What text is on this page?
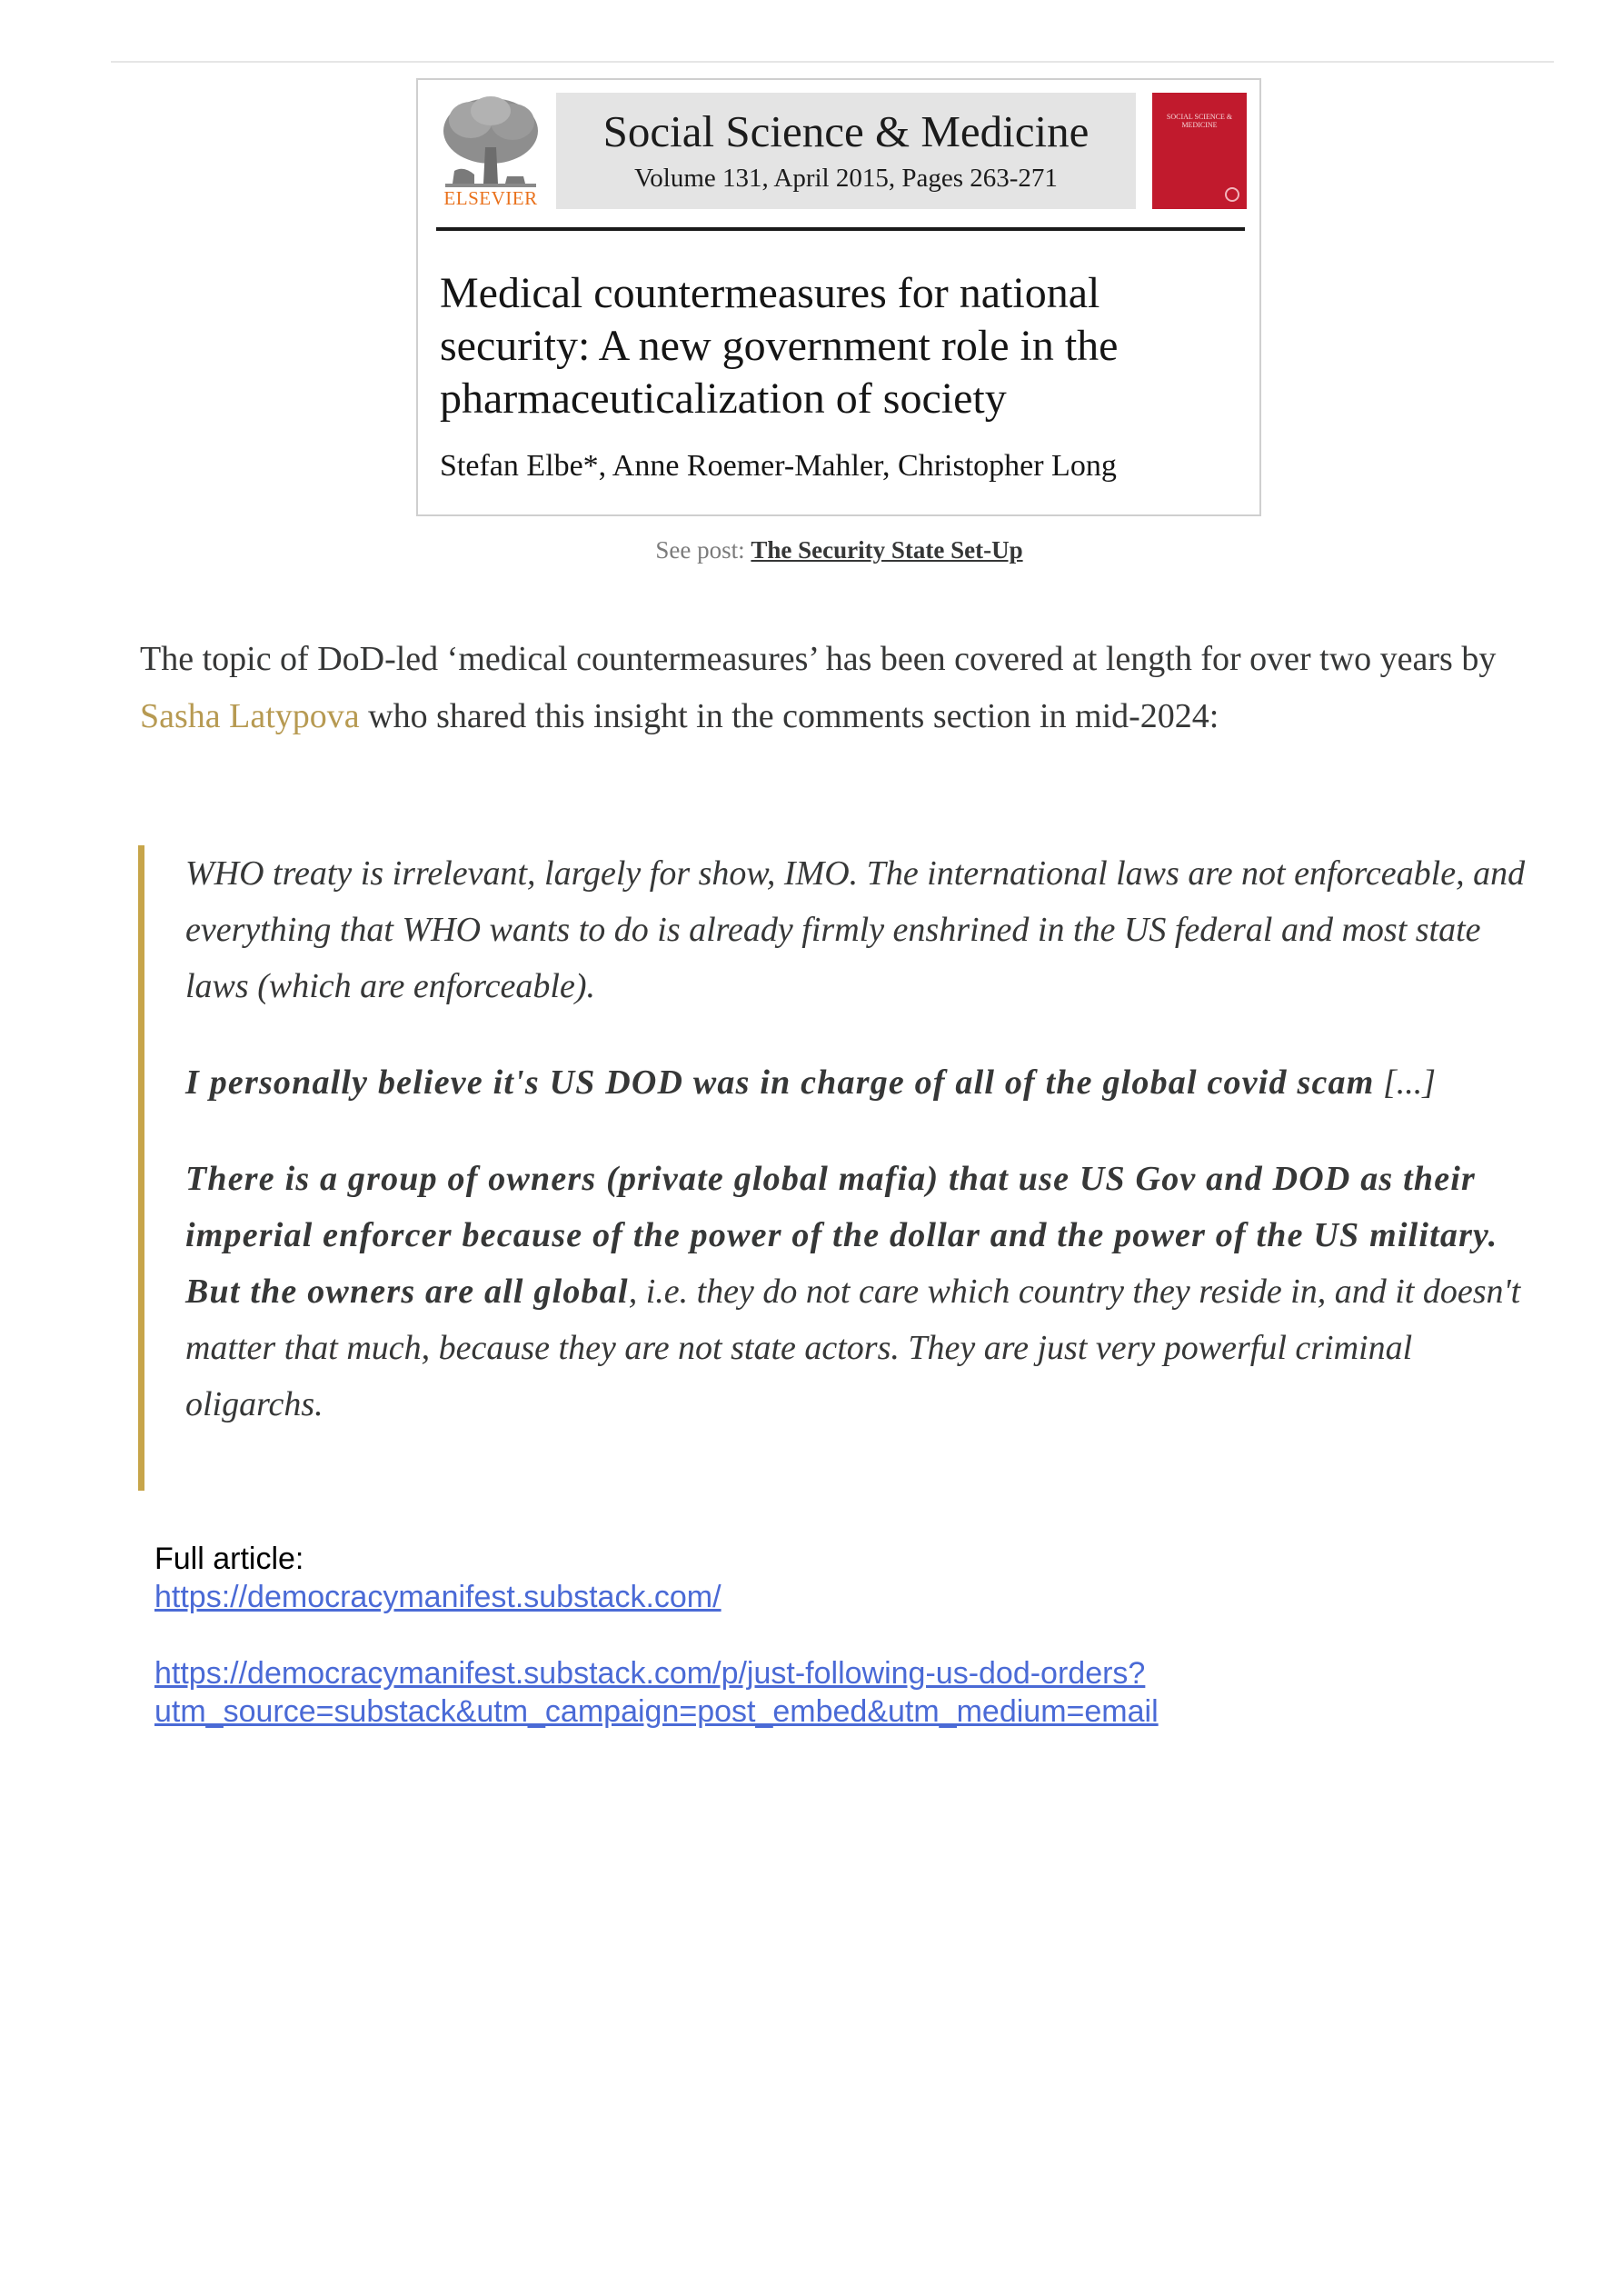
ELSEVIER
Social Science & Medicine
Volume 131, April 2015, Pages 263-271
SOCIAL SCIENCE & MEDICINE
Medical countermeasures for national security: A new government role in the pharmaceuticalization of society
Stefan Elbe*, Anne Roemer-Mahler, Christopher Long
See post: The Security State Set-Up
The topic of DoD-led ‘medical countermeasures’ has been covered at length for over two years by Sasha Latypova who shared this insight in the comments section in mid-2024:

WHO treaty is irrelevant, largely for show, IMO. The international laws are not enforceable, and everything that WHO wants to do is already firmly enshrined in the US federal and most state laws (which are enforceable).

I personally believe it's US DOD was in charge of all of the global covid scam [...]

There is a group of owners (private global mafia) that use US Gov and DOD as their imperial enforcer because of the power of the dollar and the power of the US military. But the owners are all global, i.e. they do not care which country they reside in, and it doesn't matter that much, because they are not state actors. They are just very powerful criminal oligarchs.

Full article:
https://democracymanifest.substack.com/
https://democracymanifest.substack.com/p/just-following-us-dod-orders?
utm_source=substack&utm_campaign=post_embed&utm_medium=email
